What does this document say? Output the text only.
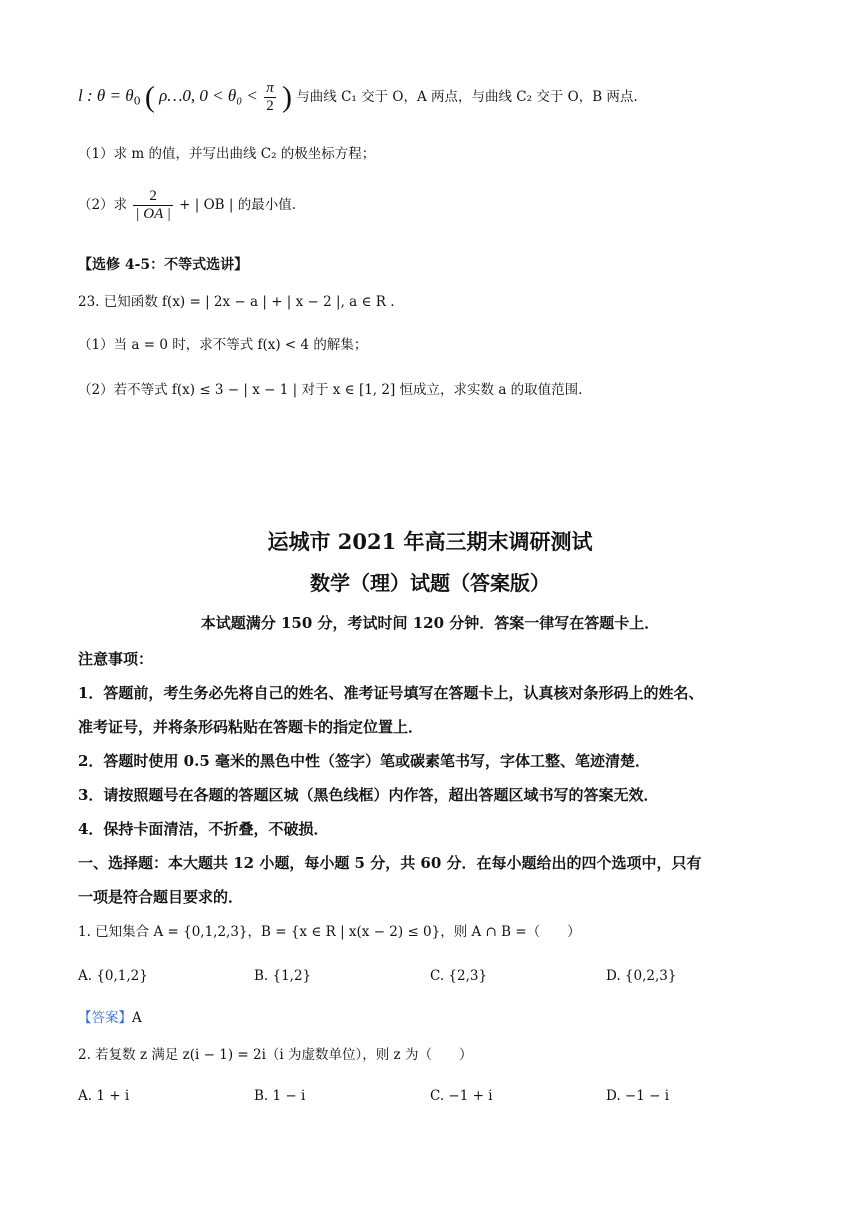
l : $\theta = \theta_0$ ( ρ…0, $0 < \theta_0 < \frac{\pi}{2}$ ) 与曲线 C₁ 交于 O，A 两点，与曲线 C₂ 交于 O，B 两点.
（1）求 m 的值，并写出曲线 C₂ 的极坐标方程；
（2）求 $\frac{2}{| OA |}$ + | OB | 的最小值.
【选修 4-5：不等式选讲】
23. 已知函数 f(x) = | 2x − a | + | x − 2 |, a ∈ R .
（1）当 a = 0 时，求不等式 f(x) < 4 的解集；
（2）若不等式 f(x) ≤ 3 − | x − 1 | 对于 x ∈ [1, 2] 恒成立，求实数 a 的取值范围.
运城市 2021 年高三期末调研测试
数学（理）试题（答案版）
本试题满分 150 分，考试时间 120 分钟．答案一律写在答题卡上．
注意事项：
1．答题前，考生务必先将自己的姓名、准考证号填写在答题卡上，认真核对条形码上的姓名、
准考证号，并将条形码粘贴在答题卡的指定位置上．
2．答题时使用 0.5 毫米的黑色中性（签字）笔或碳素笔书写，字体工整、笔迹清楚．
3．请按照题号在各题的答题区城（黑色线框）内作答，超出答题区域书写的答案无效．
4．保持卡面清洁，不折叠，不破损．
一、选择题：本大题共 12 小题，每小题 5 分，共 60 分．在每小题给出的四个选项中，只有
一项是符合题目要求的．
1. 已知集合 A = {0,1,2,3}，B = {x ∈ R | x(x − 2) ≤ 0}，则 A ∩ B =（　　）
A. {0,1,2}	B. {1,2}	C. {2,3}	D. {0,2,3}
【答案】A
2. 若复数 z 满足 z(i − 1) = 2i（i 为虚数单位），则 z 为（　　）
A. 1 + i	B. 1 − i	C. −1 + i	D. −1 − i
